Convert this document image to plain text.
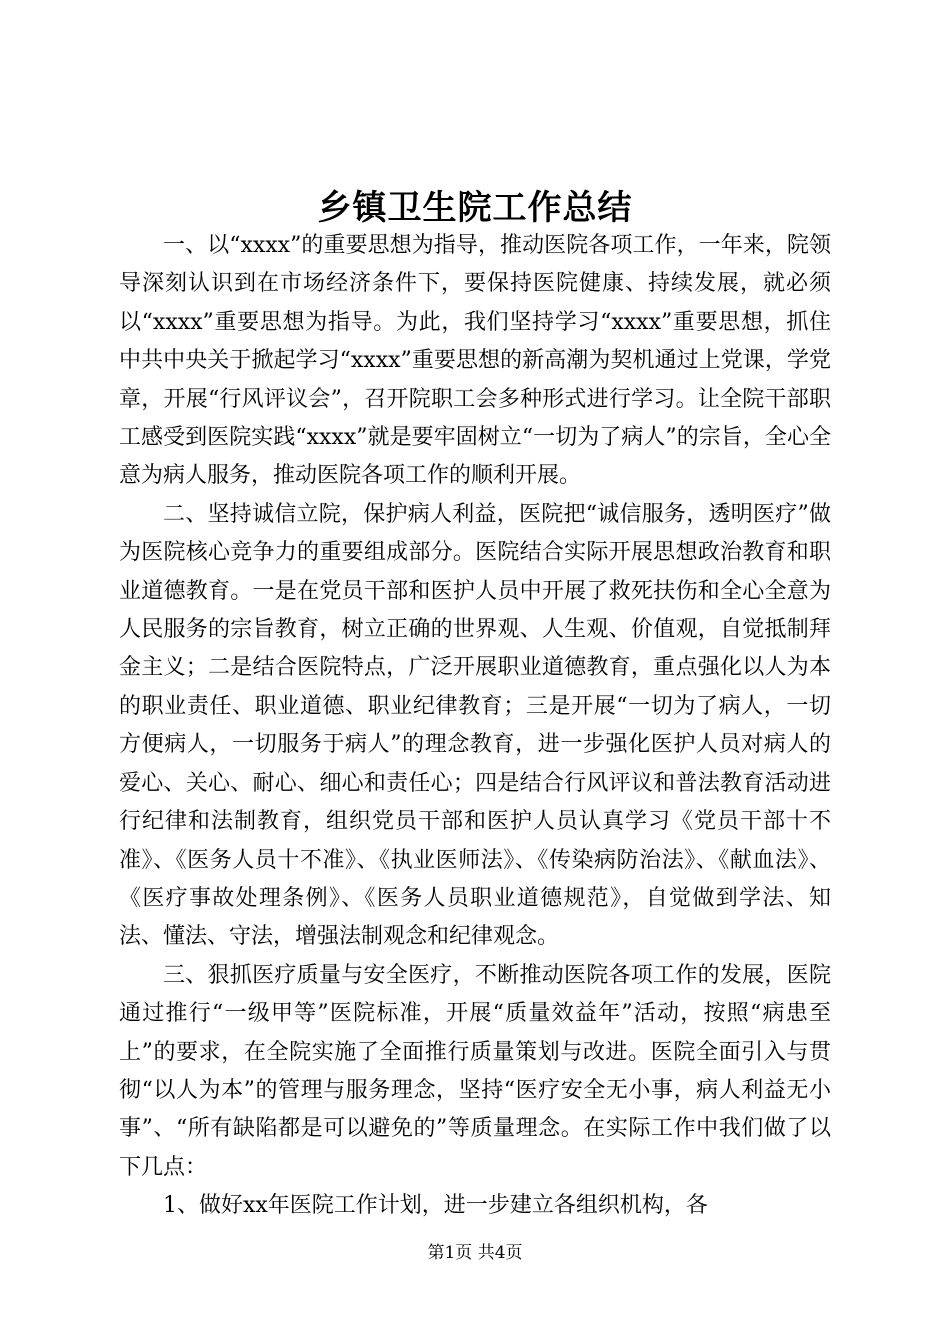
乡镇卫生院工作总结

一、以“xxxx”的重要思想为指导，推动医院各项工作，一年来，院领导深刻认识到在市场经济条件下，要保持医院健康、持续发展，就必须以“xxxx”重要思想为指导。为此，我们坚持学习“xxxx”重要思想，抓住中共中央关于掀起学习“xxxx”重要思想的新高潮为契机通过上党课，学党章，开展“行风评议会”，召开院职工会多种形式进行学习。让全院干部职工感受到医院实践“xxxx”就是要牢固树立“一切为了病人”的宗旨，全心全意为病人服务，推动医院各项工作的顺利开展。

二、坚持诚信立院，保护病人利益，医院把“诚信服务，透明医疗”做为医院核心竞争力的重要组成部分。医院结合实际开展思想政治教育和职业道德教育。一是在党员干部和医护人员中开展了救死扶伤和全心全意为人民服务的宗旨教育，树立正确的世界观、人生观、价值观，自觉抵制拜金主义；二是结合医院特点，广泛开展职业道德教育，重点强化以人为本的职业责任、职业道德、职业纪律教育；三是开展“一切为了病人，一切方便病人，一切服务于病人”的理念教育，进一步强化医护人员对病人的爱心、关心、耐心、细心和责任心；四是结合行风评议和普法教育活动进行纪律和法制教育，组织党员干部和医护人员认真学习《党员干部十不准》、《医务人员十不准》、《执业医师法》、《传染病防治法》、《献血法》、《医疗事故处理条例》、《医务人员职业道德规范》，自觉做到学法、知法、懂法、守法，增强法制观念和纪律观念。

三、狠抓医疗质量与安全医疗，不断推动医院各项工作的发展，医院通过推行“一级甲等”医院标准，开展“质量效益年”活动，按照“病患至上”的要求，在全院实施了全面推行质量策划与改进。医院全面引入与贯彻“以人为本”的管理与服务理念，坚持“医疗安全无小事，病人利益无小事”、“所有缺陷都是可以避免的”等质量理念。在实际工作中我们做了以下几点：

1、做好xx年医院工作计划，进一步建立各组织机构，各

第1页 共4页
